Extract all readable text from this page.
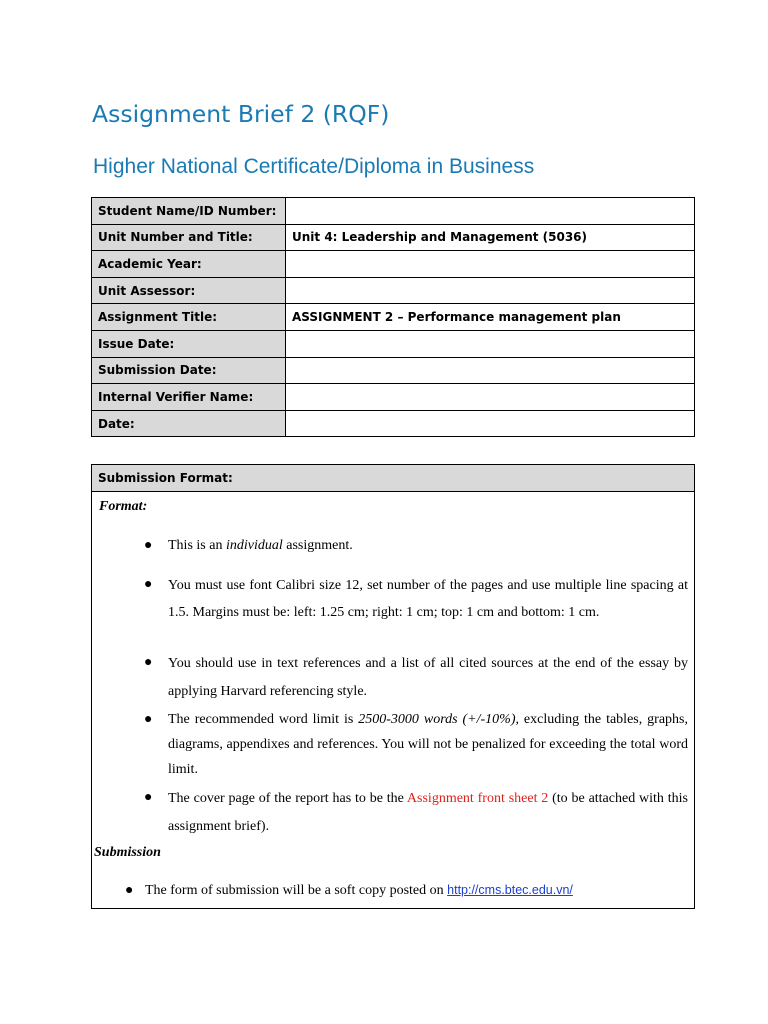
Assignment Brief 2 (RQF)
Higher National Certificate/Diploma in Business
Student Name/ID Number:	
Unit Number and Title:	Unit 4: Leadership and Management (5036)
Academic Year:	
Unit Assessor:	
Assignment Title:	ASSIGNMENT 2 – Performance management plan
Issue Date:	
Submission Date:	
Internal Verifier Name:	
Date:	
Submission Format:
Format:
● This is an individual assignment.
● You must use font Calibri size 12, set number of the pages and use multiple line spacing at 1.5. Margins must be: left: 1.25 cm; right: 1 cm; top: 1 cm and bottom: 1 cm.
● You should use in text references and a list of all cited sources at the end of the essay by applying Harvard referencing style.
● The recommended word limit is 2500-3000 words (+/-10%), excluding the tables, graphs, diagrams, appendixes and references. You will not be penalized for exceeding the total word limit.
● The cover page of the report has to be the Assignment front sheet 2 (to be attached with this assignment brief).
Submission
● The form of submission will be a soft copy posted on http://cms.btec.edu.vn/
